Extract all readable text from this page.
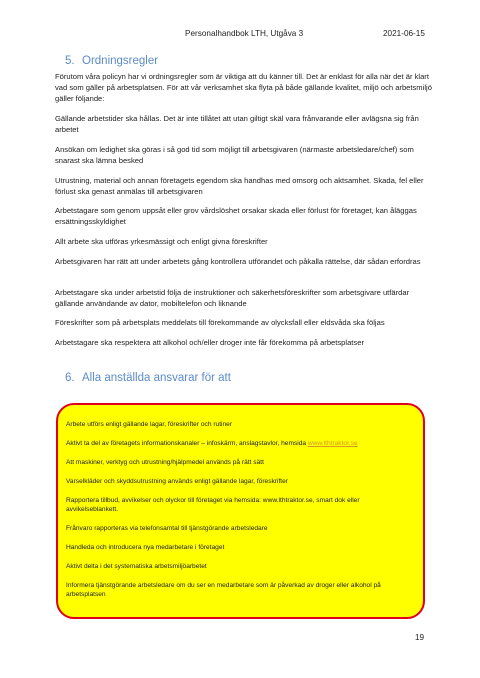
Personalhandbok LTH, Utgåva 3	2021-06-15
5. Ordningsregler

Förutom våra policyn har vi ordningsregler som är viktiga att du känner till. Det är enklast för alla när det är klart vad som gäller på arbetsplatsen. För att vår verksamhet ska flyta på både gällande kvalitet, miljö och arbetsmiljö gäller följande:

Gällande arbetstider ska hållas. Det är inte tillåtet att utan giltigt skäl vara frånvarande eller avlägsna sig från arbetet

Ansökan om ledighet ska göras i så god tid som möjligt till arbetsgivaren (närmaste arbetsledare/chef) som snarast ska lämna besked

Utrustning, material och annan företagets egendom ska handhas med omsorg och aktsamhet. Skada, fel eller förlust ska genast anmälas till arbetsgivaren

Arbetstagare som genom uppsåt eller grov vårdslöshet orsakar skada eller förlust för företaget, kan åläggas ersättningsskyldighet

Allt arbete ska utföras yrkesmässigt och enligt givna föreskrifter

Arbetsgivaren har rätt att under arbetets gång kontrollera utförandet och påkalla rättelse, där sådan erfordras

Arbetstagare ska under arbetstid följa de instruktioner och säkerhetsföreskrifter som arbetsgivare utfärdar gällande användande av dator, mobiltelefon och liknande

Föreskrifter som på arbetsplats meddelats till förekommande av olycksfall eller eldsvåda ska följas

Arbetstagare ska respektera att alkohol och/eller droger inte får förekomma på arbetsplatser

6. Alla anställda ansvarar för att
Arbete utförs enligt gällande lagar, föreskrifter och rutiner
Aktivt ta del av företagets informationskanaler – infoskärm, anslagstavlor, hemsida www.lthtraktor.se
Att maskiner, verktyg och utrustning/hjälpmedel används på rätt sätt
Varselkläder och skyddsutrustning används enligt gällande lagar, föreskrifter
Rapportera tillbud, avvikelser och olyckor till företaget via hemsida: www.lthtraktor.se, smart dok eller avvikelseblankett.
Frånvaro rapporteras via telefonsamtal till tjänstgörande arbetsledare
Handleda och introducera nya medarbetare i företaget
Aktivt delta i det systematiska arbetsmiljöarbetet
Informera tjänstgörande arbetsledare om du ser en medarbetare som är påverkad av droger eller alkohol på arbetsplatsen
19
